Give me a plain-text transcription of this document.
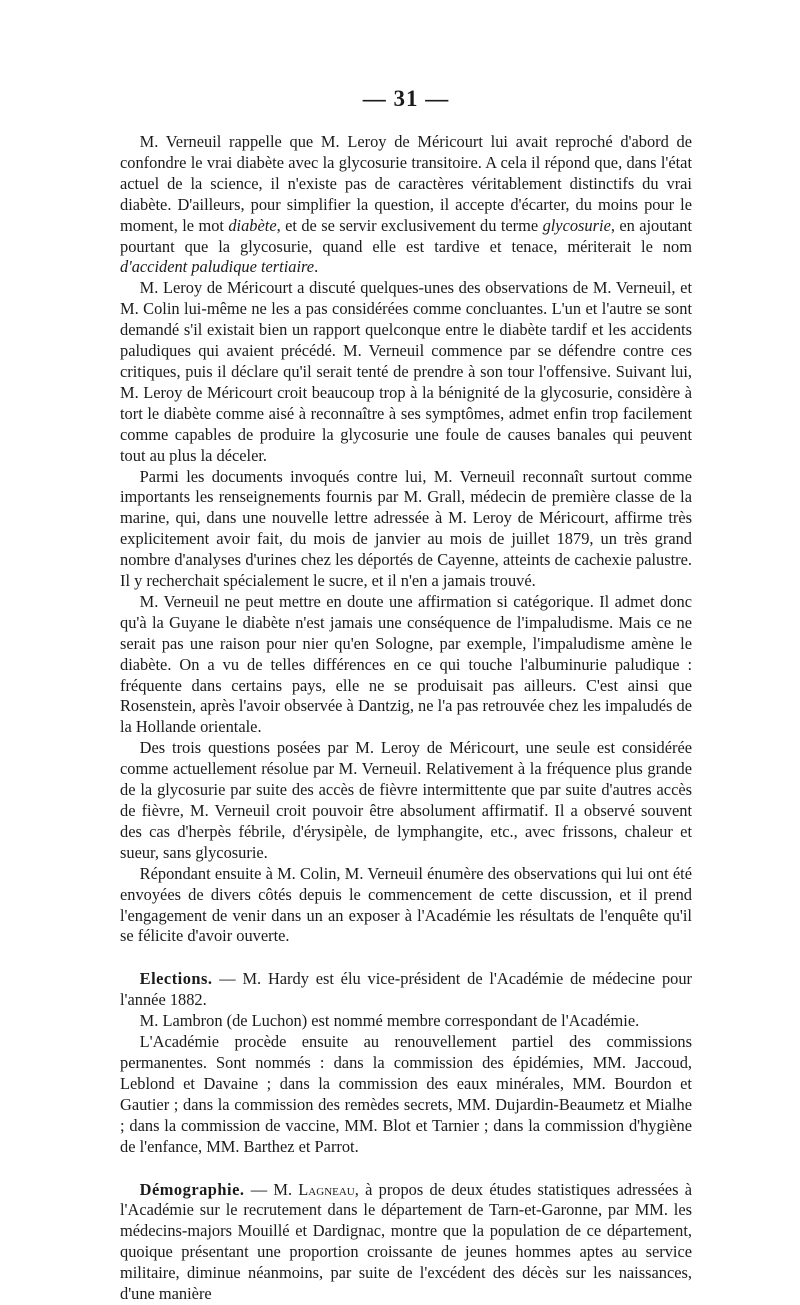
— 31 —

M. Verneuil rappelle que M. Leroy de Méricourt lui avait reproché d'abord de confondre le vrai diabète avec la glycosurie transitoire. A cela il répond que, dans l'état actuel de la science, il n'existe pas de caractères véritablement distinctifs du vrai diabète. D'ailleurs, pour simplifier la question, il accepte d'écarter, du moins pour le moment, le mot diabète, et de se servir exclusivement du terme glycosurie, en ajoutant pourtant que la glycosurie, quand elle est tardive et tenace, mériterait le nom d'accident paludique tertiaire.

M. Leroy de Méricourt a discuté quelques-unes des observations de M. Verneuil, et M. Colin lui-même ne les a pas considérées comme concluantes. L'un et l'autre se sont demandé s'il existait bien un rapport quelconque entre le diabète tardif et les accidents paludiques qui avaient précédé. M. Verneuil commence par se défendre contre ces critiques, puis il déclare qu'il serait tenté de prendre à son tour l'offensive. Suivant lui, M. Leroy de Méricourt croit beaucoup trop à la bénignité de la glycosurie, considère à tort le diabète comme aisé à reconnaître à ses symptômes, admet enfin trop facilement comme capables de produire la glycosurie une foule de causes banales qui peuvent tout au plus la déceler.

Parmi les documents invoqués contre lui, M. Verneuil reconnaît surtout comme importants les renseignements fournis par M. Grall, médecin de première classe de la marine, qui, dans une nouvelle lettre adressée à M. Leroy de Méricourt, affirme très explicitement avoir fait, du mois de janvier au mois de juillet 1879, un très grand nombre d'analyses d'urines chez les déportés de Cayenne, atteints de cachexie palustre. Il y recherchait spécialement le sucre, et il n'en a jamais trouvé.

M. Verneuil ne peut mettre en doute une affirmation si catégorique. Il admet donc qu'à la Guyane le diabète n'est jamais une conséquence de l'impaludisme. Mais ce ne serait pas une raison pour nier qu'en Sologne, par exemple, l'impaludisme amène le diabète. On a vu de telles différences en ce qui touche l'albuminurie paludique : fréquente dans certains pays, elle ne se produisait pas ailleurs. C'est ainsi que Rosenstein, après l'avoir observée à Dantzig, ne l'a pas retrouvée chez les impaludés de la Hollande orientale.

Des trois questions posées par M. Leroy de Méricourt, une seule est considérée comme actuellement résolue par M. Verneuil. Relativement à la fréquence plus grande de la glycosurie par suite des accès de fièvre intermittente que par suite d'autres accès de fièvre, M. Verneuil croit pouvoir être absolument affirmatif. Il a observé souvent des cas d'herpès fébrile, d'érysipèle, de lymphangite, etc., avec frissons, chaleur et sueur, sans glycosurie.

Répondant ensuite à M. Colin, M. Verneuil énumère des observations qui lui ont été envoyées de divers côtés depuis le commencement de cette discussion, et il prend l'engagement de venir dans un an exposer à l'Académie les résultats de l'enquête qu'il se félicite d'avoir ouverte.

Elections. — M. Hardy est élu vice-président de l'Académie de médecine pour l'année 1882.

M. Lambron (de Luchon) est nommé membre correspondant de l'Académie.

L'Académie procède ensuite au renouvellement partiel des commissions permanentes. Sont nommés : dans la commission des épidémies, MM. Jaccoud, Leblond et Davaine ; dans la commission des eaux minérales, MM. Bourdon et Gautier ; dans la commission des remèdes secrets, MM. Dujardin-Beaumetz et Mialhe ; dans la commission de vaccine, MM. Blot et Tarnier ; dans la commission d'hygiène de l'enfance, MM. Barthez et Parrot.

Démographie. — M. Lagneau, à propos de deux études statistiques adressées à l'Académie sur le recrutement dans le département de Tarn-et-Garonne, par MM. les médecins-majors Mouillé et Dardignac, montre que la population de ce département, quoique présentant une proportion croissante de jeunes hommes aptes au service militaire, diminue néanmoins, par suite de l'excédent des décès sur les naissances, d'une manière
